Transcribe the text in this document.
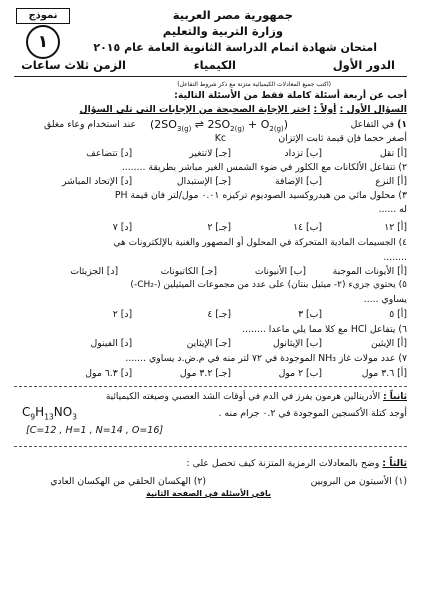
نموذج
١
جمهورية مصر العربية
وزارة التربية والتعليم
امتحان شهادة اتمام الدراسة الثانوية العامة عام ٢٠١٥
الدور الأول
الكيمياء
الزمن ثلاث ساعات
(اكتب جميع المعادلات الكيميائية متزنة مع ذكر شروط التفاعل)
أجب عن أربعة أسئلة كاملة فقط من الأسئلة التالية:
السؤال الأول : أولاً : اختر الإجابة الصحيحة من الإجابات التي تلي السؤال
١) في التفاعل
($2SO_{3(g)}$ ⇌ $2SO_{2(g)} + O_{2(g)}$)
عند استخدام وعاء مغلق
أصغر حجما فإن قيمة ثابت الإتزان
Kc
[أ] تقل [ب] تزداد [جـ] لاتتغير [د] تتضاعف
٢) تتفاعل الألكانات مع الكلور في ضوء الشمس الغير مباشر بطريقة ........
[أ] النزع [ب] الإضافة [جـ] الإستبدال [د] الإتحاد المباشر
٣) محلول مائي من هيدروكسيد الصوديوم تركيزه ٠.٠١ مول/لتر فان قيمة PH
له ......
[أ] ١٢ [ب] ١٤ [جـ] ٢ [د] ٧
٤) الجسيمات المادية المتحركة في المحلول أو المصهور والغنية بالإلكترونات هي
........
[أ] الأيونات الموجبة [ب] الأنيونات [جـ] الكاتيونات [د] الجزيئات
٥) يحتوي جزيء (٢- ميثيل بنتان) على عدد من مجموعات الميثيلين (-CH₂-)
يساوي .....
[أ] ٥ [ب] ٣ [جـ] ٤ [د] ٢
٦) يتفاعل HCl مع كلا مما يلي ماعدا ........
[أ] الإيثين [ب] الإيثانول [جـ] الإيثاين [د] الفينول
٧) عدد مولات غاز NH₃ الموجودة في ٧٢ لتر منه في م.ض.د يساوي .......
[أ] ٣.٦ مول [ب] ٢ مول [جـ] ٣.٢ مول [د] ٦.٣ مول
ثانياً : الأدرينالين هرمون يفرز في الدم في أوقات الشد العصبي وصيغته الكيميائية
أوجد كتلة الأكسجين الموجودة في ٠.٢ جرام منه .
$C_9H_{13}NO_3$
[C=12 , H=1 , N=14 , O=16]
ثالثاً : وضح بالمعادلات الرمزية المتزنة كيف تحصل على :
(١) الأسيتون من البروبين
(٢) الهكسان الحلقي من الهكسان العادي
باقي الأسئلة في الصفحة الثانية
